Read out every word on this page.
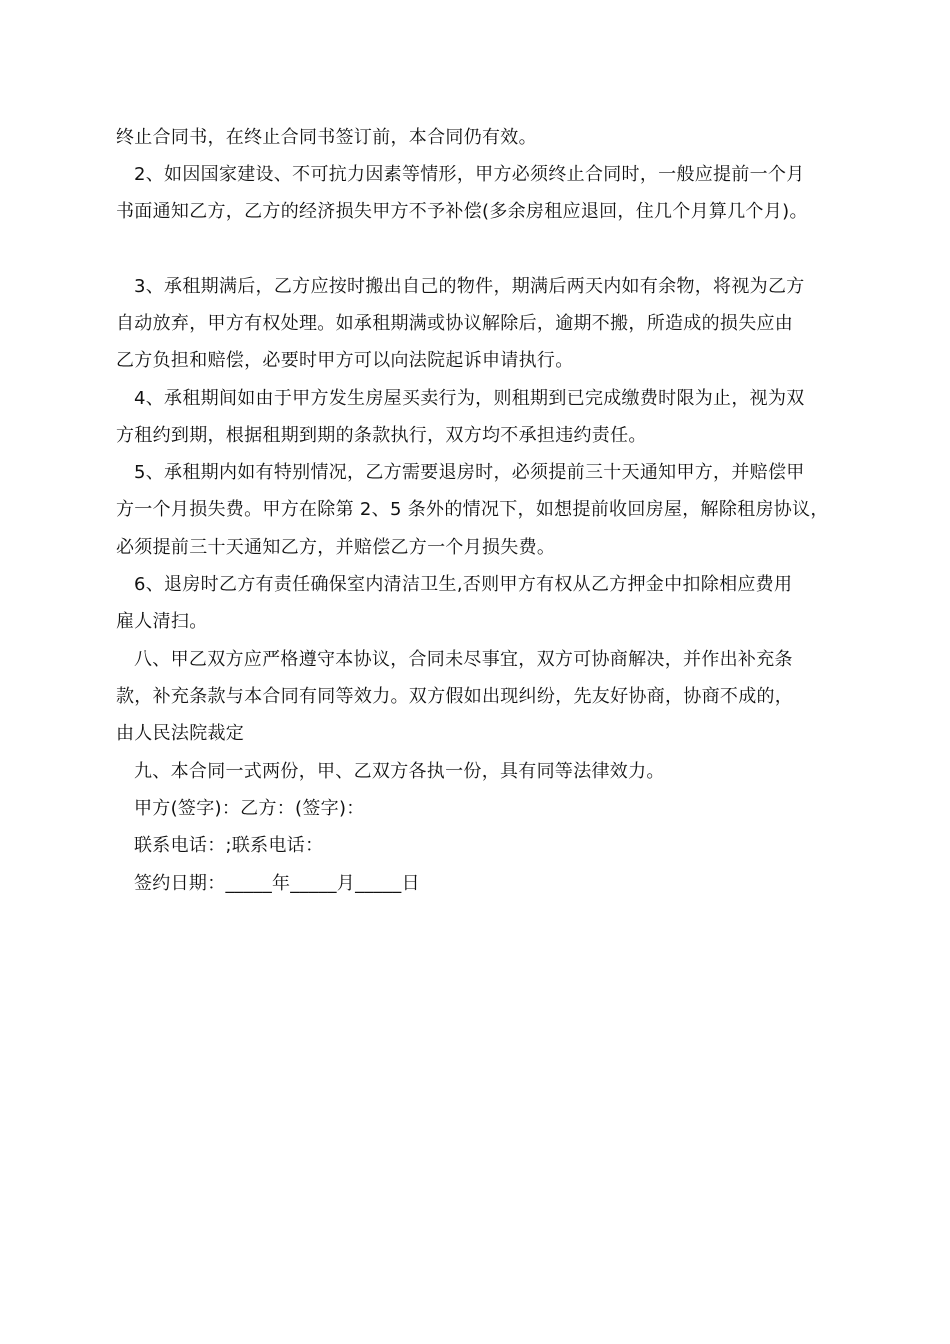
终止合同书，在终止合同书签订前，本合同仍有效。
2、如因国家建设、不可抗力因素等情形，甲方必须终止合同时，一般应提前一个月
书面通知乙方，乙方的经济损失甲方不予补偿(多余房租应退回，住几个月算几个月)。
3、承租期满后，乙方应按时搬出自己的物件，期满后两天内如有余物，将视为乙方
自动放弃，甲方有权处理。如承租期满或协议解除后，逾期不搬，所造成的损失应由
乙方负担和赔偿，必要时甲方可以向法院起诉申请执行。
4、承租期间如由于甲方发生房屋买卖行为，则租期到已完成缴费时限为止，视为双
方租约到期，根据租期到期的条款执行，双方均不承担违约责任。
5、承租期内如有特别情况，乙方需要退房时，必须提前三十天通知甲方，并赔偿甲
方一个月损失费。甲方在除第 2、5 条外的情况下，如想提前收回房屋，解除租房协议，
必须提前三十天通知乙方，并赔偿乙方一个月损失费。
6、退房时乙方有责任确保室内清洁卫生,否则甲方有权从乙方押金中扣除相应费用
雇人清扫。
八、甲乙双方应严格遵守本协议，合同未尽事宜，双方可协商解决，并作出补充条
款，补充条款与本合同有同等效力。双方假如出现纠纷，先友好协商，协商不成的，
由人民法院裁定
九、本合同一式两份，甲、乙双方各执一份，具有同等法律效力。
甲方(签字)：乙方：(签字)：
联系电话：;联系电话：
签约日期：_____年_____月_____日
